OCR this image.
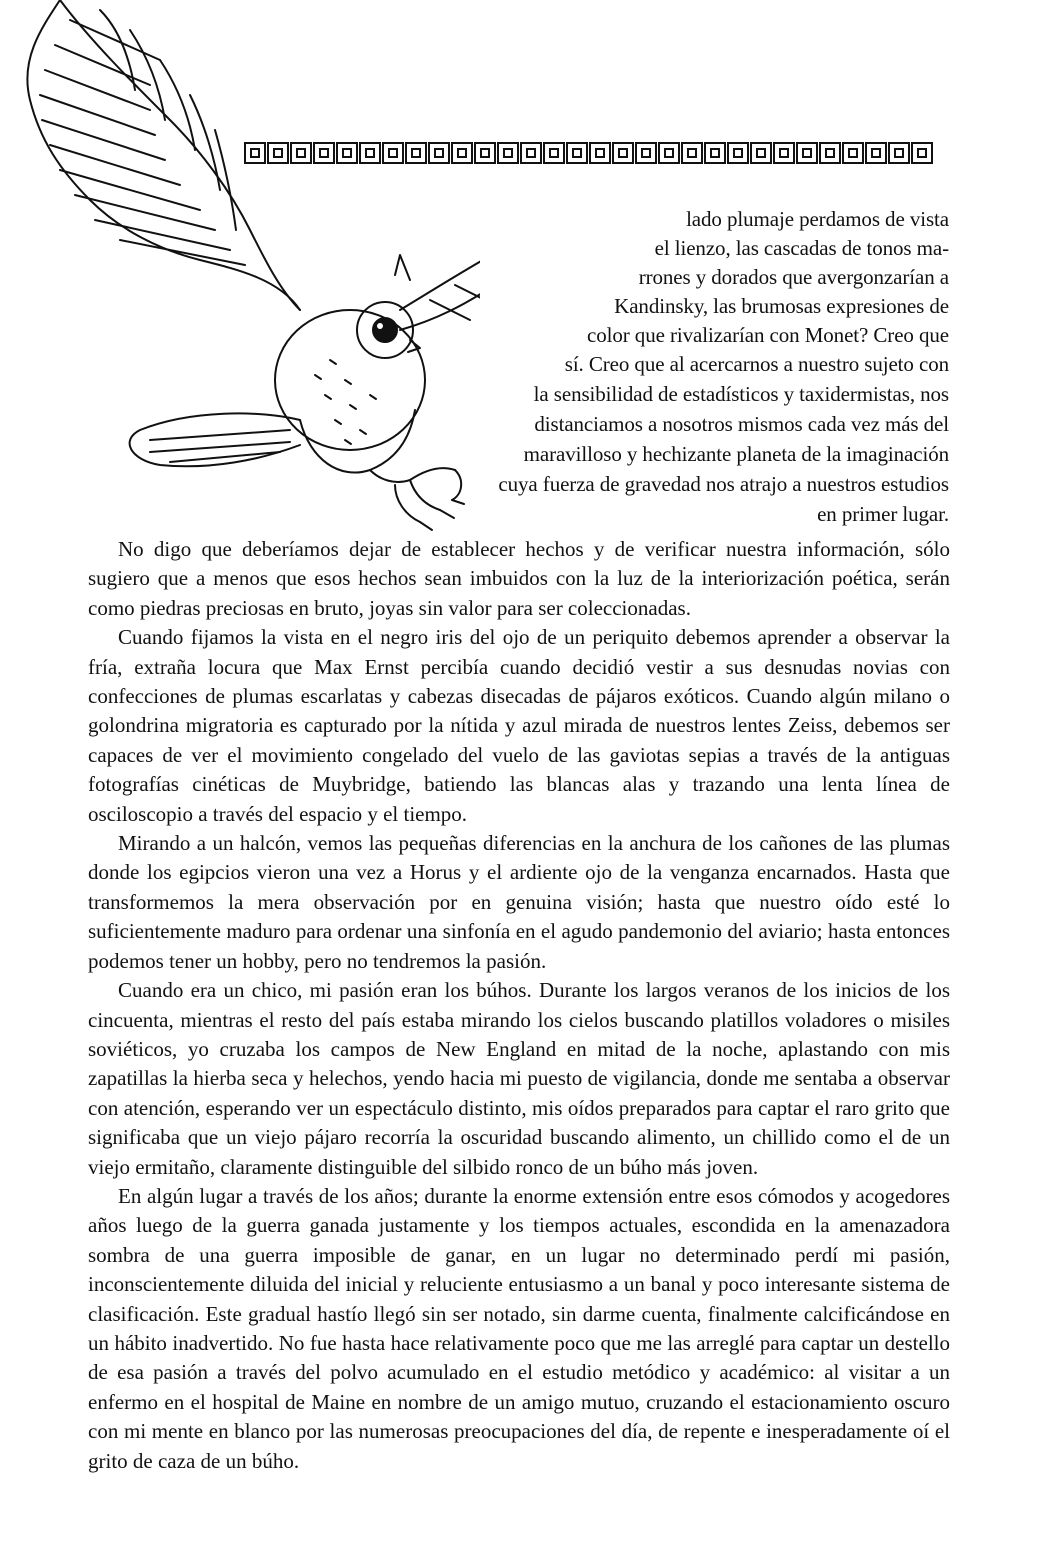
lado plumaje perdamos de vista
el lienzo, las cascadas de tonos ma-
rrones y dorados que avergonzarían a
Kandinsky, las brumosas expresiones de
color que rivalizarían con Monet? Creo que
sí. Creo que al acercarnos a nuestro sujeto con
la sensibilidad de estadísticos y taxidermistas, nos
distanciamos a nosotros mismos cada vez más del
maravilloso y hechizante planeta de la imaginación
cuya fuerza de gravedad nos atrajo a nuestros estudios
en primer lugar.

No digo que deberíamos dejar de establecer hechos y de verificar nuestra información, sólo sugiero que a menos que esos hechos sean imbuidos con la luz de la interiorización poética, serán como piedras preciosas en bruto, joyas sin valor para ser coleccionadas.

Cuando fijamos la vista en el negro iris del ojo de un periquito debemos aprender a observar la fría, extraña locura que Max Ernst percibía cuando decidió vestir a sus desnudas novias con confecciones de plumas escarlatas y cabezas disecadas de pájaros exóticos. Cuando algún milano o golondrina migratoria es capturado por la nítida y azul mirada de nuestros lentes Zeiss, debemos ser capaces de ver el movimiento congelado del vuelo de las gaviotas sepias a través de la antiguas fotografías cinéticas de Muybridge, batiendo las blancas alas y trazando una lenta línea de osciloscopio a través del espacio y el tiempo.

Mirando a un halcón, vemos las pequeñas diferencias en la anchura de los cañones de las plumas donde los egipcios vieron una vez a Horus y el ardiente ojo de la venganza encarnados. Hasta que transformemos la mera observación por en genuina visión; hasta que nuestro oído esté lo suficientemente maduro para ordenar una sinfonía en el agudo pandemonio del aviario; hasta entonces podemos tener un hobby, pero no tendremos la pasión.

Cuando era un chico, mi pasión eran los búhos. Durante los largos veranos de los inicios de los cincuenta, mientras el resto del país estaba mirando los cielos buscando platillos voladores o misiles soviéticos, yo cruzaba los campos de New England en mitad de la noche, aplastando con mis zapatillas la hierba seca y helechos, yendo hacia mi puesto de vigilancia, donde me sentaba a observar con atención, esperando ver un espectáculo distinto, mis oídos preparados para captar el raro grito que significaba que un viejo pájaro recorría la oscuridad buscando alimento, un chillido como el de un viejo ermitaño, claramente distinguible del silbido ronco de un búho más joven.

En algún lugar a través de los años; durante la enorme extensión entre esos cómodos y acogedores años luego de la guerra ganada justamente y los tiempos actuales, escondida en la amenazadora sombra de una guerra imposible de ganar, en un lugar no determinado perdí mi pasión, inconscientemente diluida del inicial y reluciente entusiasmo a un banal y poco interesante sistema de clasificación. Este gradual hastío llegó sin ser notado, sin darme cuenta, finalmente calcificándose en un hábito inadvertido. No fue hasta hace relativamente poco que me las arreglé para captar un destello de esa pasión a través del polvo acumulado en el estudio metódico y académico: al visitar a un enfermo en el hospital de Maine en nombre de un amigo mutuo, cruzando el estacionamiento oscuro con mi mente en blanco por las numerosas preocupaciones del día, de repente e inesperadamente oí el grito de caza de un búho.
